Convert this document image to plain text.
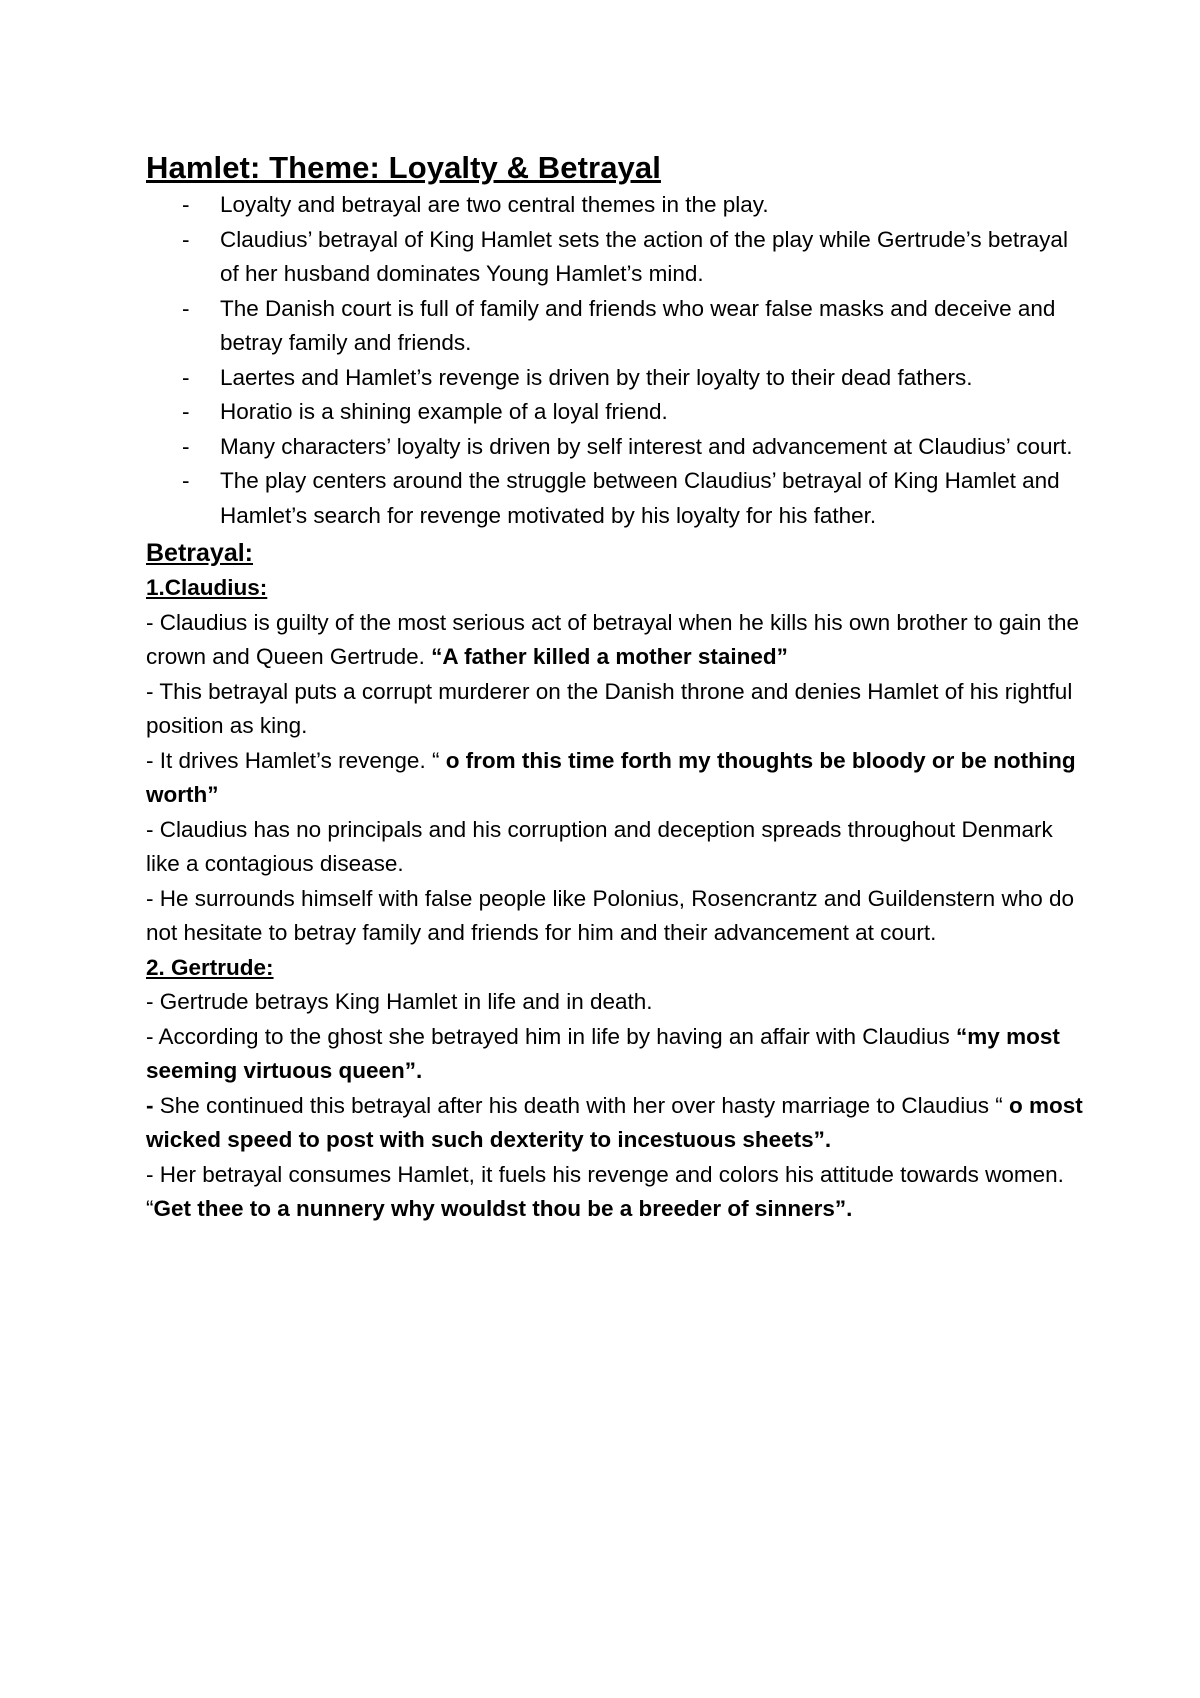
Hamlet: Theme: Loyalty & Betrayal
- Loyalty and betrayal are two central themes in the play.
- Claudius’ betrayal of King Hamlet sets the action of the play while Gertrude’s betrayal of her husband dominates Young Hamlet’s mind.
- The Danish court is full of family and friends who wear false masks and deceive and betray family and friends.
- Laertes and Hamlet’s revenge is driven by their loyalty to their dead fathers.
- Horatio is a shining example of a loyal friend.
- Many characters’ loyalty is driven by self interest and advancement at Claudius’ court.
- The play centers around the struggle between Claudius’ betrayal of King Hamlet and Hamlet’s search for revenge motivated by his loyalty for his father.
Betrayal:
1.Claudius:

- Claudius is guilty of the most serious act of betrayal when he kills his own brother to gain the crown and Queen Gertrude. “A father killed a mother stained”

- This betrayal puts a corrupt murderer on the Danish throne and denies Hamlet of his rightful position as king.

- It drives Hamlet’s revenge. “ o from this time forth my thoughts be bloody or be nothing worth”

- Claudius has no principals and his corruption and deception spreads throughout Denmark like a contagious disease.

- He surrounds himself with false people like Polonius, Rosencrantz and Guildenstern who do not hesitate to betray family and friends for him and their advancement at court.

2. Gertrude:

- Gertrude betrays King Hamlet in life and in death.

- According to the ghost she betrayed him in life by having an affair with Claudius “my most seeming virtuous queen”.

- She continued this betrayal after his death with her over hasty marriage to Claudius “ o most wicked speed to post with such dexterity to incestuous sheets”.

- Her betrayal consumes Hamlet, it fuels his revenge and colors his attitude towards women. “Get thee to a nunnery why wouldst thou be a breeder of sinners”.
